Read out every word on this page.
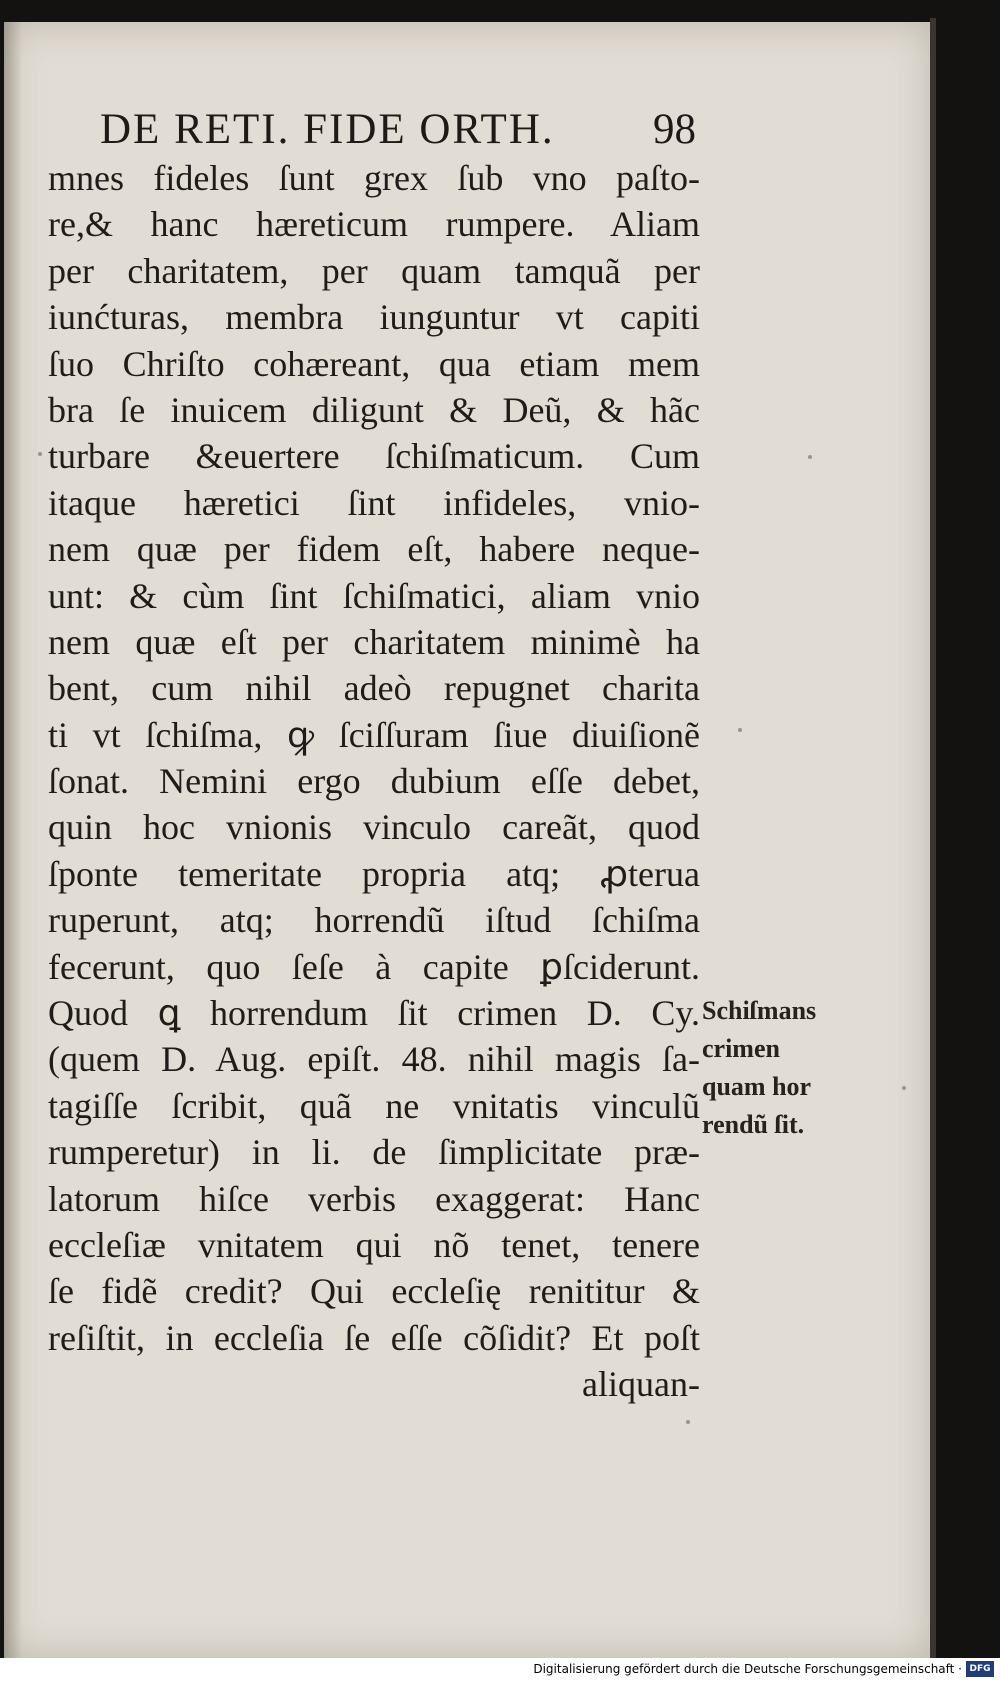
DE RETI. FIDE ORTH. 98
mnes fideles ſunt grex ſub vno paſto-
re,& hanc hæreticum rumpere. Aliam
per charitatem, per quam tamquã per
iunćturas, membra iunguntur vt capiti
ſuo Chriſto cohæreant, qua etiam mem
bra ſe inuicem diligunt & Deũ, & hãc
turbare &euertere ſchiſmaticum. Cum
itaque hæretici ſint infideles, vnio-
nem quæ per fidem eſt, habere neque-
unt: & cùm ſint ſchiſmatici, aliam vnio
nem quæ eſt per charitatem minimè ha
bent, cum nihil adeò repugnet charita
ti vt ſchiſma, ꝙ ſciſſuram ſiue diuiſionẽ
ſonat. Nemini ergo dubium eſſe debet,
quin hoc vnionis vinculo careãt, quod
ſponte temeritate propria atq; ꝓterua
ruperunt, atq; horrendũ iſtud ſchiſma
fecerunt, quo ſeſe à capite ꝑſciderunt.
Quod ꝗ horrendum ſit crimen D. Cy.
(quem D. Aug. epiſt. 48. nihil magis ſa-
tagiſſe ſcribit, quã ne vnitatis vinculũ
rumperetur) in li. de ſimplicitate præ-
latorum hiſce verbis exaggerat: Hanc
eccleſiæ vnitatem qui nõ tenet, tenere
ſe fidẽ credit? Qui eccleſię renititur &
reſiſtit, in eccleſia ſe eſſe cõſidit? Et poſt
aliquan-
Schiſmans
crimen
quam hor
rendũ ſit.
Digitalisierung gefördert durch die Deutsche Forschungsgemeinschaft · DFG
